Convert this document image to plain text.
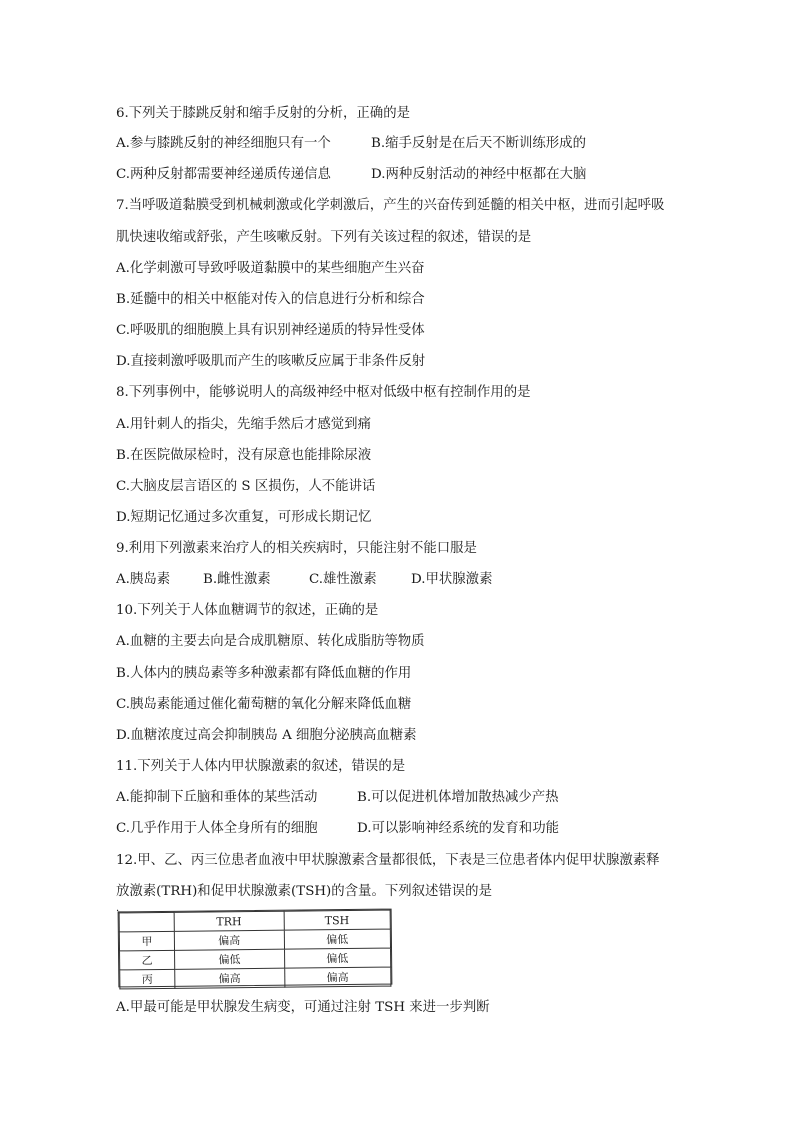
6.下列关于膝跳反射和缩手反射的分析，正确的是
A.参与膝跳反射的神经细胞只有一个	B.缩手反射是在后天不断训练形成的
C.两种反射都需要神经递质传递信息	D.两种反射活动的神经中枢都在大脑
7.当呼吸道黏膜受到机械刺激或化学刺激后，产生的兴奋传到延髓的相关中枢，进而引起呼吸
肌快速收缩或舒张，产生咳嗽反射。下列有关该过程的叙述，错误的是
A.化学刺激可导致呼吸道黏膜中的某些细胞产生兴奋
B.延髓中的相关中枢能对传入的信息进行分析和综合
C.呼吸肌的细胞膜上具有识别神经递质的特异性受体
D.直接刺激呼吸肌而产生的咳嗽反应属于非条件反射
8.下列事例中，能够说明人的高级神经中枢对低级中枢有控制作用的是
A.用针刺人的指尖，先缩手然后才感觉到痛
B.在医院做尿检时，没有尿意也能排除尿液
C.大脑皮层言语区的 S 区损伤，人不能讲话
D.短期记忆通过多次重复，可形成长期记忆
9.利用下列激素来治疗人的相关疾病时，只能注射不能口服是
A.胰岛素 B.雌性激素	C.雄性激素	D.甲状腺激素
10.下列关于人体血糖调节的叙述，正确的是
A.血糖的主要去向是合成肌糖原、转化成脂肪等物质
B.人体内的胰岛素等多种激素都有降低血糖的作用
C.胰岛素能通过催化葡萄糖的氧化分解来降低血糖
D.血糖浓度过高会抑制胰岛 A 细胞分泌胰高血糖素
11.下列关于人体内甲状腺激素的叙述，错误的是
A.能抑制下丘脑和垂体的某些活动	B.可以促进机体增加散热减少产热
C.几乎作用于人体全身所有的细胞	D.可以影响神经系统的发育和功能
12.甲、乙、丙三位患者血液中甲状腺激素含量都很低，下表是三位患者体内促甲状腺激素释
放激素(TRH)和促甲状腺激素(TSH)的含量。下列叙述错误的是
·
	TRH	TSH
甲	偏高	偏低
乙	偏低	偏低
丙	偏高	偏高
A.甲最可能是甲状腺发生病变，可通过注射 TSH 来进一步判断
